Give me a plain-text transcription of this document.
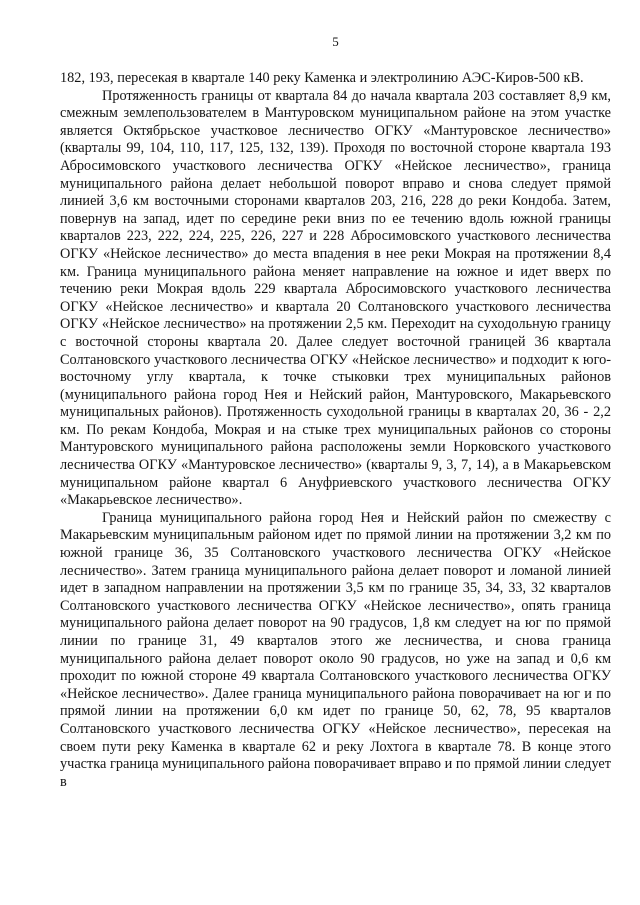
5

182, 193, пересекая в квартале 140 реку Каменка и электролинию АЭС-Киров-500 кВ.

Протяженность границы от квартала 84 до начала квартала 203 составляет 8,9 км, смежным землепользователем в Мантуровском муниципальном районе на этом участке является Октябрьское участковое лесничество ОГКУ «Мантуровское лесничество» (кварталы 99, 104, 110, 117, 125, 132, 139). Проходя по восточной стороне квартала 193 Абросимовского участкового лесничества ОГКУ «Нейское лесничество», граница муниципального района делает небольшой поворот вправо и снова следует прямой линией 3,6 км восточными сторонами кварталов 203, 216, 228 до реки Кондоба. Затем, повернув на запад, идет по середине реки вниз по ее течению вдоль южной границы кварталов 223, 222, 224, 225, 226, 227 и 228 Абросимовского участкового лесничества ОГКУ «Нейское лесничество» до места впадения в нее реки Мокрая на протяжении 8,4 км. Граница муниципального района меняет направление на южное и идет вверх по течению реки Мокрая вдоль 229 квартала Абросимовского участкового лесничества ОГКУ «Нейское лесничество» и квартала 20 Солтановского участкового лесничества ОГКУ «Нейское лесничество» на протяжении 2,5 км. Переходит на суходольную границу с восточной стороны квартала 20. Далее следует восточной границей 36 квартала Солтановского участкового лесничества ОГКУ «Нейское лесничество» и подходит к юго-восточному углу квартала, к точке стыковки трех муниципальных районов (муниципального района город Нея и Нейский район, Мантуровского, Макарьевского муниципальных районов). Протяженность суходольной границы в кварталах 20, 36 - 2,2 км. По рекам Кондоба, Мокрая и на стыке трех муниципальных районов со стороны Мантуровского муниципального района расположены земли Норковского участкового лесничества ОГКУ «Мантуровское лесничество» (кварталы 9, 3, 7, 14), а в Макарьевском муниципальном районе квартал 6 Ануфриевского участкового лесничества ОГКУ «Макарьевское лесничество».

Граница муниципального района город Нея и Нейский район по смежеству с Макарьевским муниципальным районом идет по прямой линии на протяжении 3,2 км по южной границе 36, 35 Солтановского участкового лесничества ОГКУ «Нейское лесничество». Затем граница муниципального района делает поворот и ломаной линией идет в западном направлении на протяжении 3,5 км по границе 35, 34, 33, 32 кварталов Солтановского участкового лесничества ОГКУ «Нейское лесничество», опять граница муниципального района делает поворот на 90 градусов, 1,8 км следует на юг по прямой линии по границе 31, 49 кварталов этого же лесничества, и снова граница муниципального района делает поворот около 90 градусов, но уже на запад и 0,6 км проходит по южной стороне 49 квартала Солтановского участкового лесничества ОГКУ «Нейское лесничество». Далее граница муниципального района поворачивает на юг и по прямой линии на протяжении 6,0 км идет по границе 50, 62, 78, 95 кварталов Солтановского участкового лесничества ОГКУ «Нейское лесничество», пересекая на своем пути реку Каменка в квартале 62 и реку Лохтога в квартале 78. В конце этого участка граница муниципального района поворачивает вправо и по прямой линии следует в
